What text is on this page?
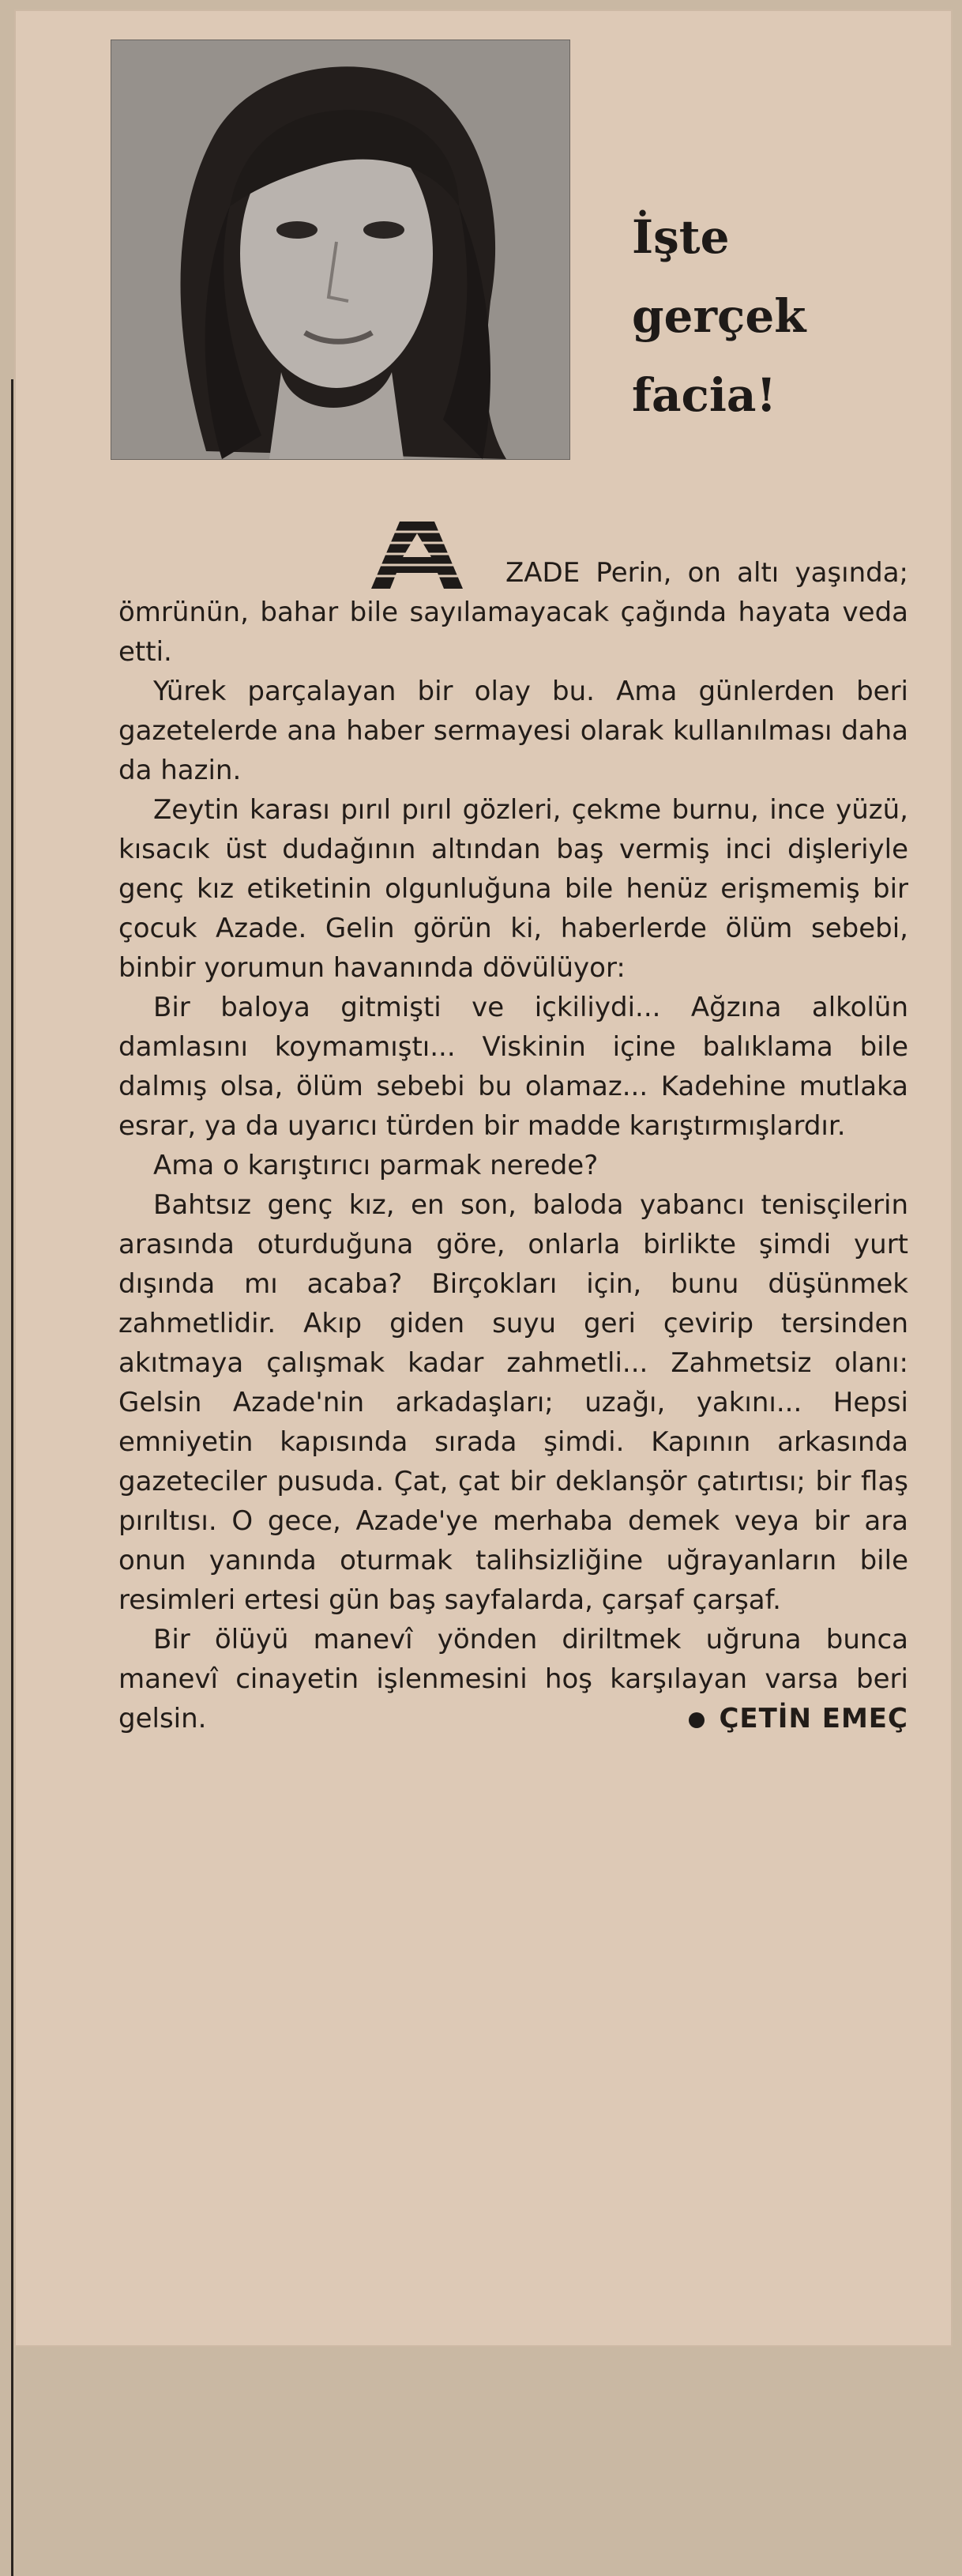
İşte
gerçek
facia!
A

ZADE Perin, on altı yaşında; ömrünün, bahar bile sayılamayacak çağında hayata veda etti.

Yürek parçalayan bir olay bu. Ama günlerden beri gazetelerde ana haber sermayesi olarak kullanılması daha da hazin.

Zeytin karası pırıl pırıl gözleri, çekme burnu, ince yüzü, kısacık üst dudağının altından baş vermiş inci dişleriyle genç kız etiketinin olgunluğuna bile henüz erişmemiş bir çocuk Azade. Gelin görün ki, haberlerde ölüm sebebi, binbir yorumun havanında dövülüyor:

Bir baloya gitmişti ve içkiliydi... Ağzına alkolün damlasını koymamıştı... Viskinin içine balıklama bile dalmış olsa, ölüm sebebi bu olamaz... Kadehine mutlaka esrar, ya da uyarıcı türden bir madde karıştırmışlardır.

Ama o karıştırıcı parmak nerede?

Bahtsız genç kız, en son, baloda yabancı tenisçilerin arasında oturduğuna göre, onlarla birlikte şimdi yurt dışında mı acaba? Birçokları için, bunu düşünmek zahmetlidir. Akıp giden suyu geri çevirip tersinden akıtmaya çalışmak kadar zahmetli... Zahmetsiz olanı: Gelsin Azade'nin arkadaşları; uzağı, yakını... Hepsi emniyetin kapısında sırada şimdi. Kapının arkasında gazeteciler pusuda. Çat, çat bir deklanşör çatırtısı; bir flaş pırıltısı. O gece, Azade'ye merhaba demek veya bir ara onun yanında oturmak talihsizliğine uğrayanların bile resimleri ertesi gün baş sayfalarda, çarşaf çarşaf.

Bir ölüyü manevî yönden diriltmek uğruna bunca manevî cinayetin işlenmesini hoş karşılayan varsa beri gelsin.	ÇETİN EMEÇ
